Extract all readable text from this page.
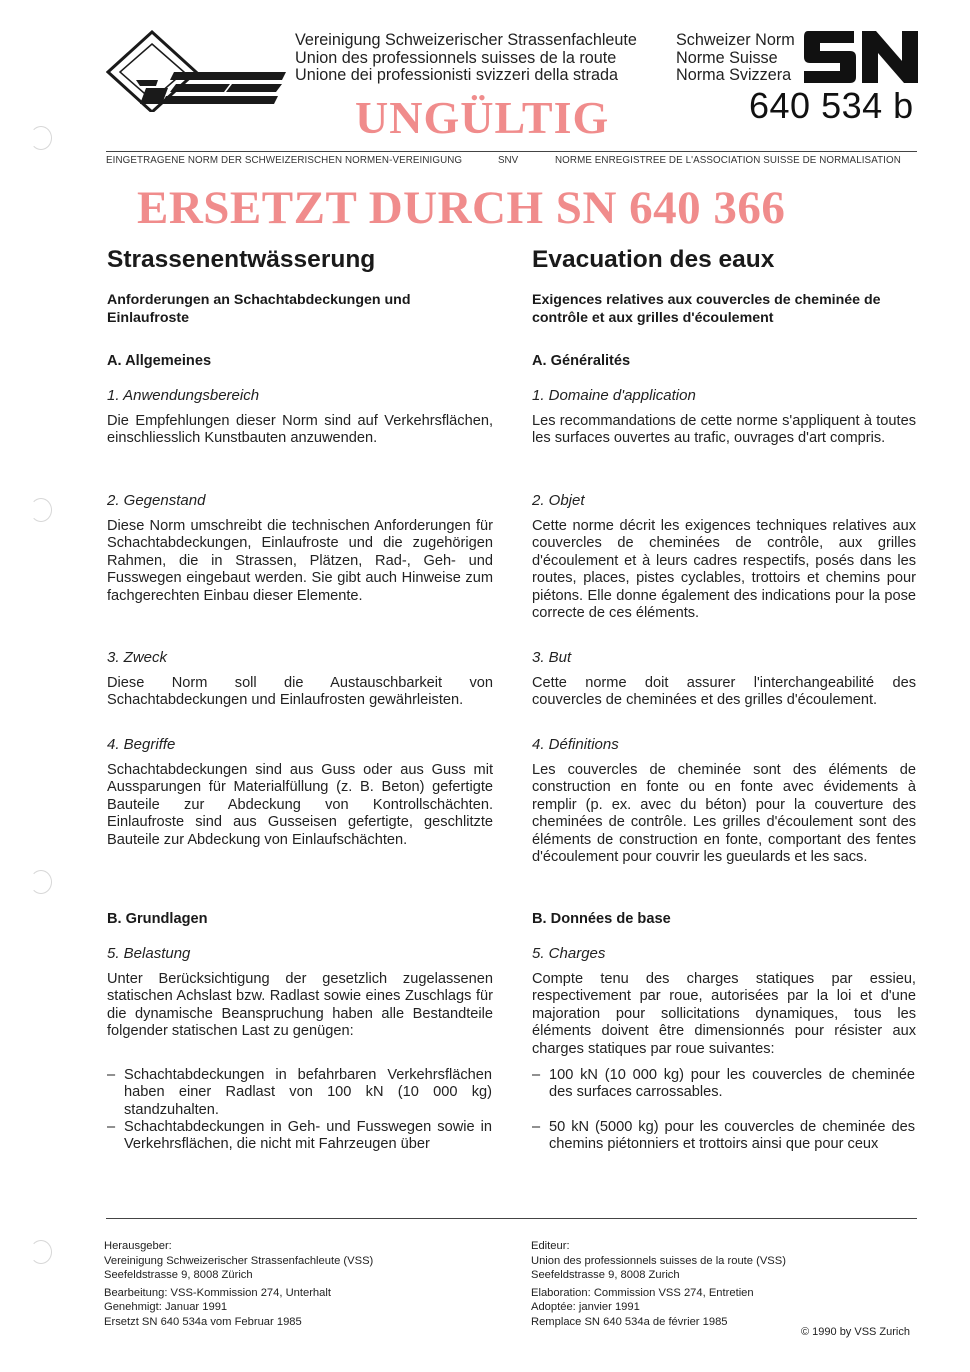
Vereinigung Schweizerischer Strassenfachleute
Union des professionnels suisses de la route
Unione dei professionisti svizzeri della strada
Schweizer Norm
Norme Suisse
Norma Svizzera
640 534 b
UNGÜLTIG
EINGETRAGENE NORM DER SCHWEIZERISCHEN NORMEN-VEREINIGUNG	SNV	NORME ENREGISTREE DE L'ASSOCIATION SUISSE DE NORMALISATION
ERSETZT DURCH SN 640 366
Strassenentwässerung
Anforderungen an Schachtabdeckungen und Einlaufroste
A. Allgemeines
1. Anwendungsbereich
Die Empfehlungen dieser Norm sind auf Verkehrsflächen, einschliesslich Kunstbauten anzuwenden.
2. Gegenstand
Diese Norm umschreibt die technischen Anforderungen für Schachtabdeckungen, Einlaufroste und die zugehörigen Rahmen, die in Strassen, Plätzen, Rad-, Geh- und Fusswegen eingebaut werden. Sie gibt auch Hinweise zum fachgerechten Einbau dieser Elemente.
3. Zweck
Diese Norm soll die Austauschbarkeit von Schachtabdeckungen und Einlaufrosten gewährleisten.
4. Begriffe
Schachtabdeckungen sind aus Guss oder aus Guss mit Aussparungen für Materialfüllung (z. B. Beton) gefertigte Bauteile zur Abdeckung von Kontrollschächten. Einlaufroste sind aus Gusseisen gefertigte, geschlitzte Bauteile zur Abdeckung von Einlaufschächten.
B. Grundlagen
5. Belastung
Unter Berücksichtigung der gesetzlich zugelassenen statischen Achslast bzw. Radlast sowie eines Zuschlags für die dynamische Beanspruchung haben alle Bestandteile folgender statischen Last zu genügen:
– Schachtabdeckungen in befahrbaren Verkehrsflächen haben einer Radlast von 100 kN (10 000 kg) standzuhalten.
– Schachtabdeckungen in Geh- und Fusswegen sowie in Verkehrsflächen, die nicht mit Fahrzeugen über
Evacuation des eaux
Exigences relatives aux couvercles de cheminée de contrôle et aux grilles d'écoulement
A. Généralités
1. Domaine d'application
Les recommandations de cette norme s'appliquent à toutes les surfaces ouvertes au trafic, ouvrages d'art compris.
2. Objet
Cette norme décrit les exigences techniques relatives aux couvercles de cheminées de contrôle, aux grilles d'écoulement et à leurs cadres respectifs, posés dans les routes, places, pistes cyclables, trottoirs et chemins pour piétons. Elle donne également des indications pour la pose correcte de ces éléments.
3. But
Cette norme doit assurer l'interchangeabilité des couvercles de cheminées et des grilles d'écoulement.
4. Définitions
Les couvercles de cheminée sont des éléments de construction en fonte ou en fonte avec évidements à remplir (p. ex. avec du béton) pour la couverture des cheminées de contrôle. Les grilles d'écoulement sont des éléments de construction en fonte, comportant des fentes d'écoulement pour couvrir les gueulards et les sacs.
B. Données de base
5. Charges
Compte tenu des charges statiques par essieu, respectivement par roue, autorisées par la loi et d'une majoration pour sollicitations dynamiques, tous les éléments doivent être dimensionnés pour résister aux charges statiques par roue suivantes:
– 100 kN (10 000 kg) pour les couvercles de cheminée des surfaces carrossables.
– 50 kN (5000 kg) pour les couvercles de cheminée des chemins piétonniers et trottoirs ainsi que pour ceux
Herausgeber:
Vereinigung Schweizerischer Strassenfachleute (VSS)
Seefeldstrasse 9, 8008 Zürich
Bearbeitung: VSS-Kommission 274, Unterhalt
Genehmigt: Januar 1991
Ersetzt SN 640 534a vom Februar 1985
Editeur:
Union des professionnels suisses de la route (VSS)
Seefeldstrasse 9, 8008 Zurich
Elaboration: Commission VSS 274, Entretien
Adoptée: janvier 1991
Remplace SN 640 534a de février 1985
© 1990 by VSS Zurich
